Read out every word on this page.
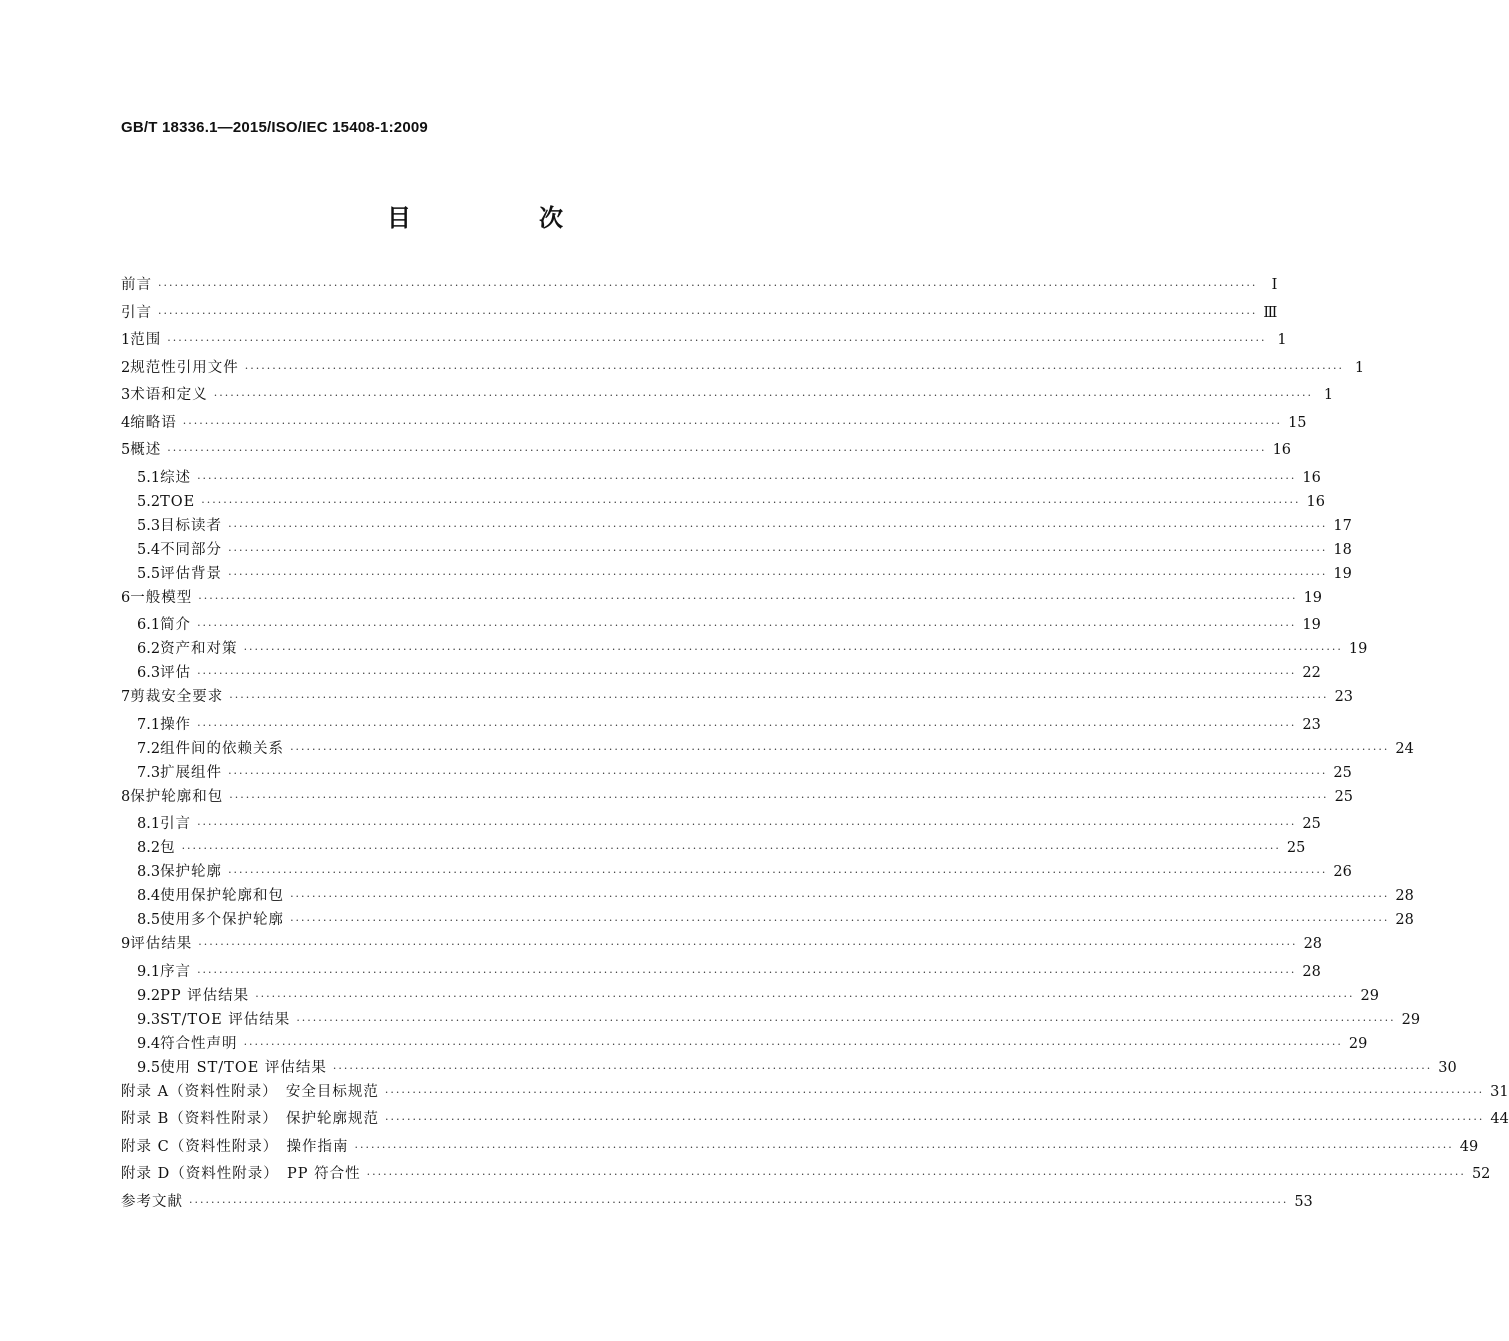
GB/T 18336.1—2015/ISO/IEC 15408-1:2009
目　次
前言 ········································································································································································································ Ⅰ
引言 ········································································································································································································ Ⅲ
1 范围 ········································································································································································································ 1
2 规范性引用文件 ········································································································································································································ 1
3 术语和定义 ········································································································································································································ 1
4 缩略语 ········································································································································································································ 15
5 概述 ········································································································································································································ 16
5.1 综述 ········································································································································································································ 16
5.2 TOE ········································································································································································································ 16
5.3 目标读者 ········································································································································································································ 17
5.4 不同部分 ········································································································································································································ 18
5.5 评估背景 ········································································································································································································ 19
6 一般模型 ········································································································································································································ 19
6.1 简介 ········································································································································································································ 19
6.2 资产和对策 ········································································································································································································ 19
6.3 评估 ········································································································································································································ 22
7 剪裁安全要求 ········································································································································································································ 23
7.1 操作 ········································································································································································································ 23
7.2 组件间的依赖关系 ········································································································································································································ 24
7.3 扩展组件 ········································································································································································································ 25
8 保护轮廓和包 ········································································································································································································ 25
8.1 引言 ········································································································································································································ 25
8.2 包 ········································································································································································································ 25
8.3 保护轮廓 ········································································································································································································ 26
8.4 使用保护轮廓和包 ········································································································································································································ 28
8.5 使用多个保护轮廓 ········································································································································································································ 28
9 评估结果 ········································································································································································································ 28
9.1 序言 ········································································································································································································ 28
9.2 PP 评估结果 ········································································································································································································ 29
9.3 ST/TOE 评估结果 ········································································································································································································ 29
9.4 符合性声明 ········································································································································································································ 29
9.5 使用 ST/TOE 评估结果 ········································································································································································································ 30
附录 A（资料性附录）　安全目标规范 ········································································································································································································ 31
附录 B（资料性附录）　保护轮廓规范 ········································································································································································································ 44
附录 C（资料性附录）　操作指南 ········································································································································································································ 49
附录 D（资料性附录）　PP 符合性 ········································································································································································································ 52
参考文献 ········································································································································································································ 53
